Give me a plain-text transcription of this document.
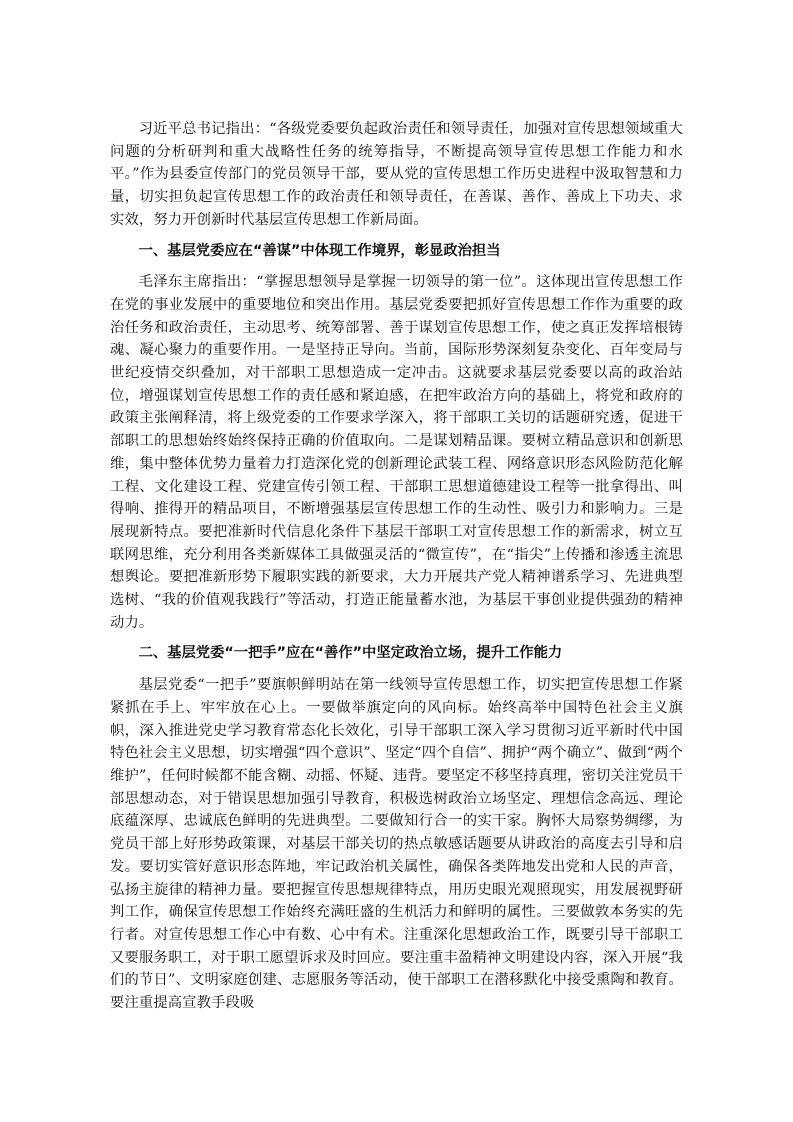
习近平总书记指出：“各级党委要负起政治责任和领导责任，加强对宣传思想领域重大问题的分析研判和重大战略性任务的统筹指导，不断提高领导宣传思想工作能力和水平。”作为县委宣传部门的党员领导干部，要从党的宣传思想工作历史进程中汲取智慧和力量，切实担负起宣传思想工作的政治责任和领导责任，在善谋、善作、善成上下功夫、求实效，努力开创新时代基层宣传思想工作新局面。

一、基层党委应在“善谋”中体现工作境界，彰显政治担当

毛泽东主席指出：“掌握思想领导是掌握一切领导的第一位”。这体现出宣传思想工作在党的事业发展中的重要地位和突出作用。基层党委要把抓好宣传思想工作作为重要的政治任务和政治责任，主动思考、统筹部署、善于谋划宣传思想工作，使之真正发挥培根铸魂、凝心聚力的重要作用。一是坚持正导向。当前，国际形势深刻复杂变化、百年变局与世纪疫情交织叠加，对干部职工思想造成一定冲击。这就要求基层党委要以高的政治站位，增强谋划宣传思想工作的责任感和紧迫感，在把牢政治方向的基础上，将党和政府的政策主张阐释清，将上级党委的工作要求学深入，将干部职工关切的话题研究透，促进干部职工的思想始终始终保持正确的价值取向。二是谋划精品课。要树立精品意识和创新思维，集中整体优势力量着力打造深化党的创新理论武装工程、网络意识形态风险防范化解工程、文化建设工程、党建宣传引领工程、干部职工思想道德建设工程等一批拿得出、叫得响、推得开的精品项目，不断增强基层宣传思想工作的生动性、吸引力和影响力。三是展现新特点。要把准新时代信息化条件下基层干部职工对宣传思想工作的新需求，树立互联网思维，充分利用各类新媒体工具做强灵活的“微宣传”，在“指尖”上传播和渗透主流思想舆论。要把准新形势下履职实践的新要求，大力开展共产党人精神谱系学习、先进典型选树、“我的价值观我践行”等活动，打造正能量蓄水池，为基层干事创业提供强劲的精神动力。

二、基层党委“一把手”应在“善作”中坚定政治立场，提升工作能力

基层党委“一把手”要旗帜鲜明站在第一线领导宣传思想工作，切实把宣传思想工作紧紧抓在手上、牢牢放在心上。一要做举旗定向的风向标。始终高举中国特色社会主义旗帜，深入推进党史学习教育常态化长效化，引导干部职工深入学习贯彻习近平新时代中国特色社会主义思想，切实增强“四个意识”、坚定“四个自信”、拥护“两个确立”、做到“两个维护”，任何时候都不能含糊、动摇、怀疑、违背。要坚定不移坚持真理，密切关注党员干部思想动态，对于错误思想加强引导教育，积极选树政治立场坚定、理想信念高远、理论底蕴深厚、忠诚底色鲜明的先进典型。二要做知行合一的实干家。胸怀大局察势绸缪，为党员干部上好形势政策课，对基层干部关切的热点敏感话题要从讲政治的高度去引导和启发。要切实管好意识形态阵地，牢记政治机关属性，确保各类阵地发出党和人民的声音，弘扬主旋律的精神力量。要把握宣传思想规律特点，用历史眼光观照现实，用发展视野研判工作，确保宣传思想工作始终充满旺盛的生机活力和鲜明的属性。三要做敦本务实的先行者。对宣传思想工作心中有数、心中有术。注重深化思想政治工作，既要引导干部职工又要服务职工，对于职工愿望诉求及时回应。要注重丰盈精神文明建设内容，深入开展“我们的节日”、文明家庭创建、志愿服务等活动，使干部职工在潜移默化中接受熏陶和教育。要注重提高宣教手段吸
